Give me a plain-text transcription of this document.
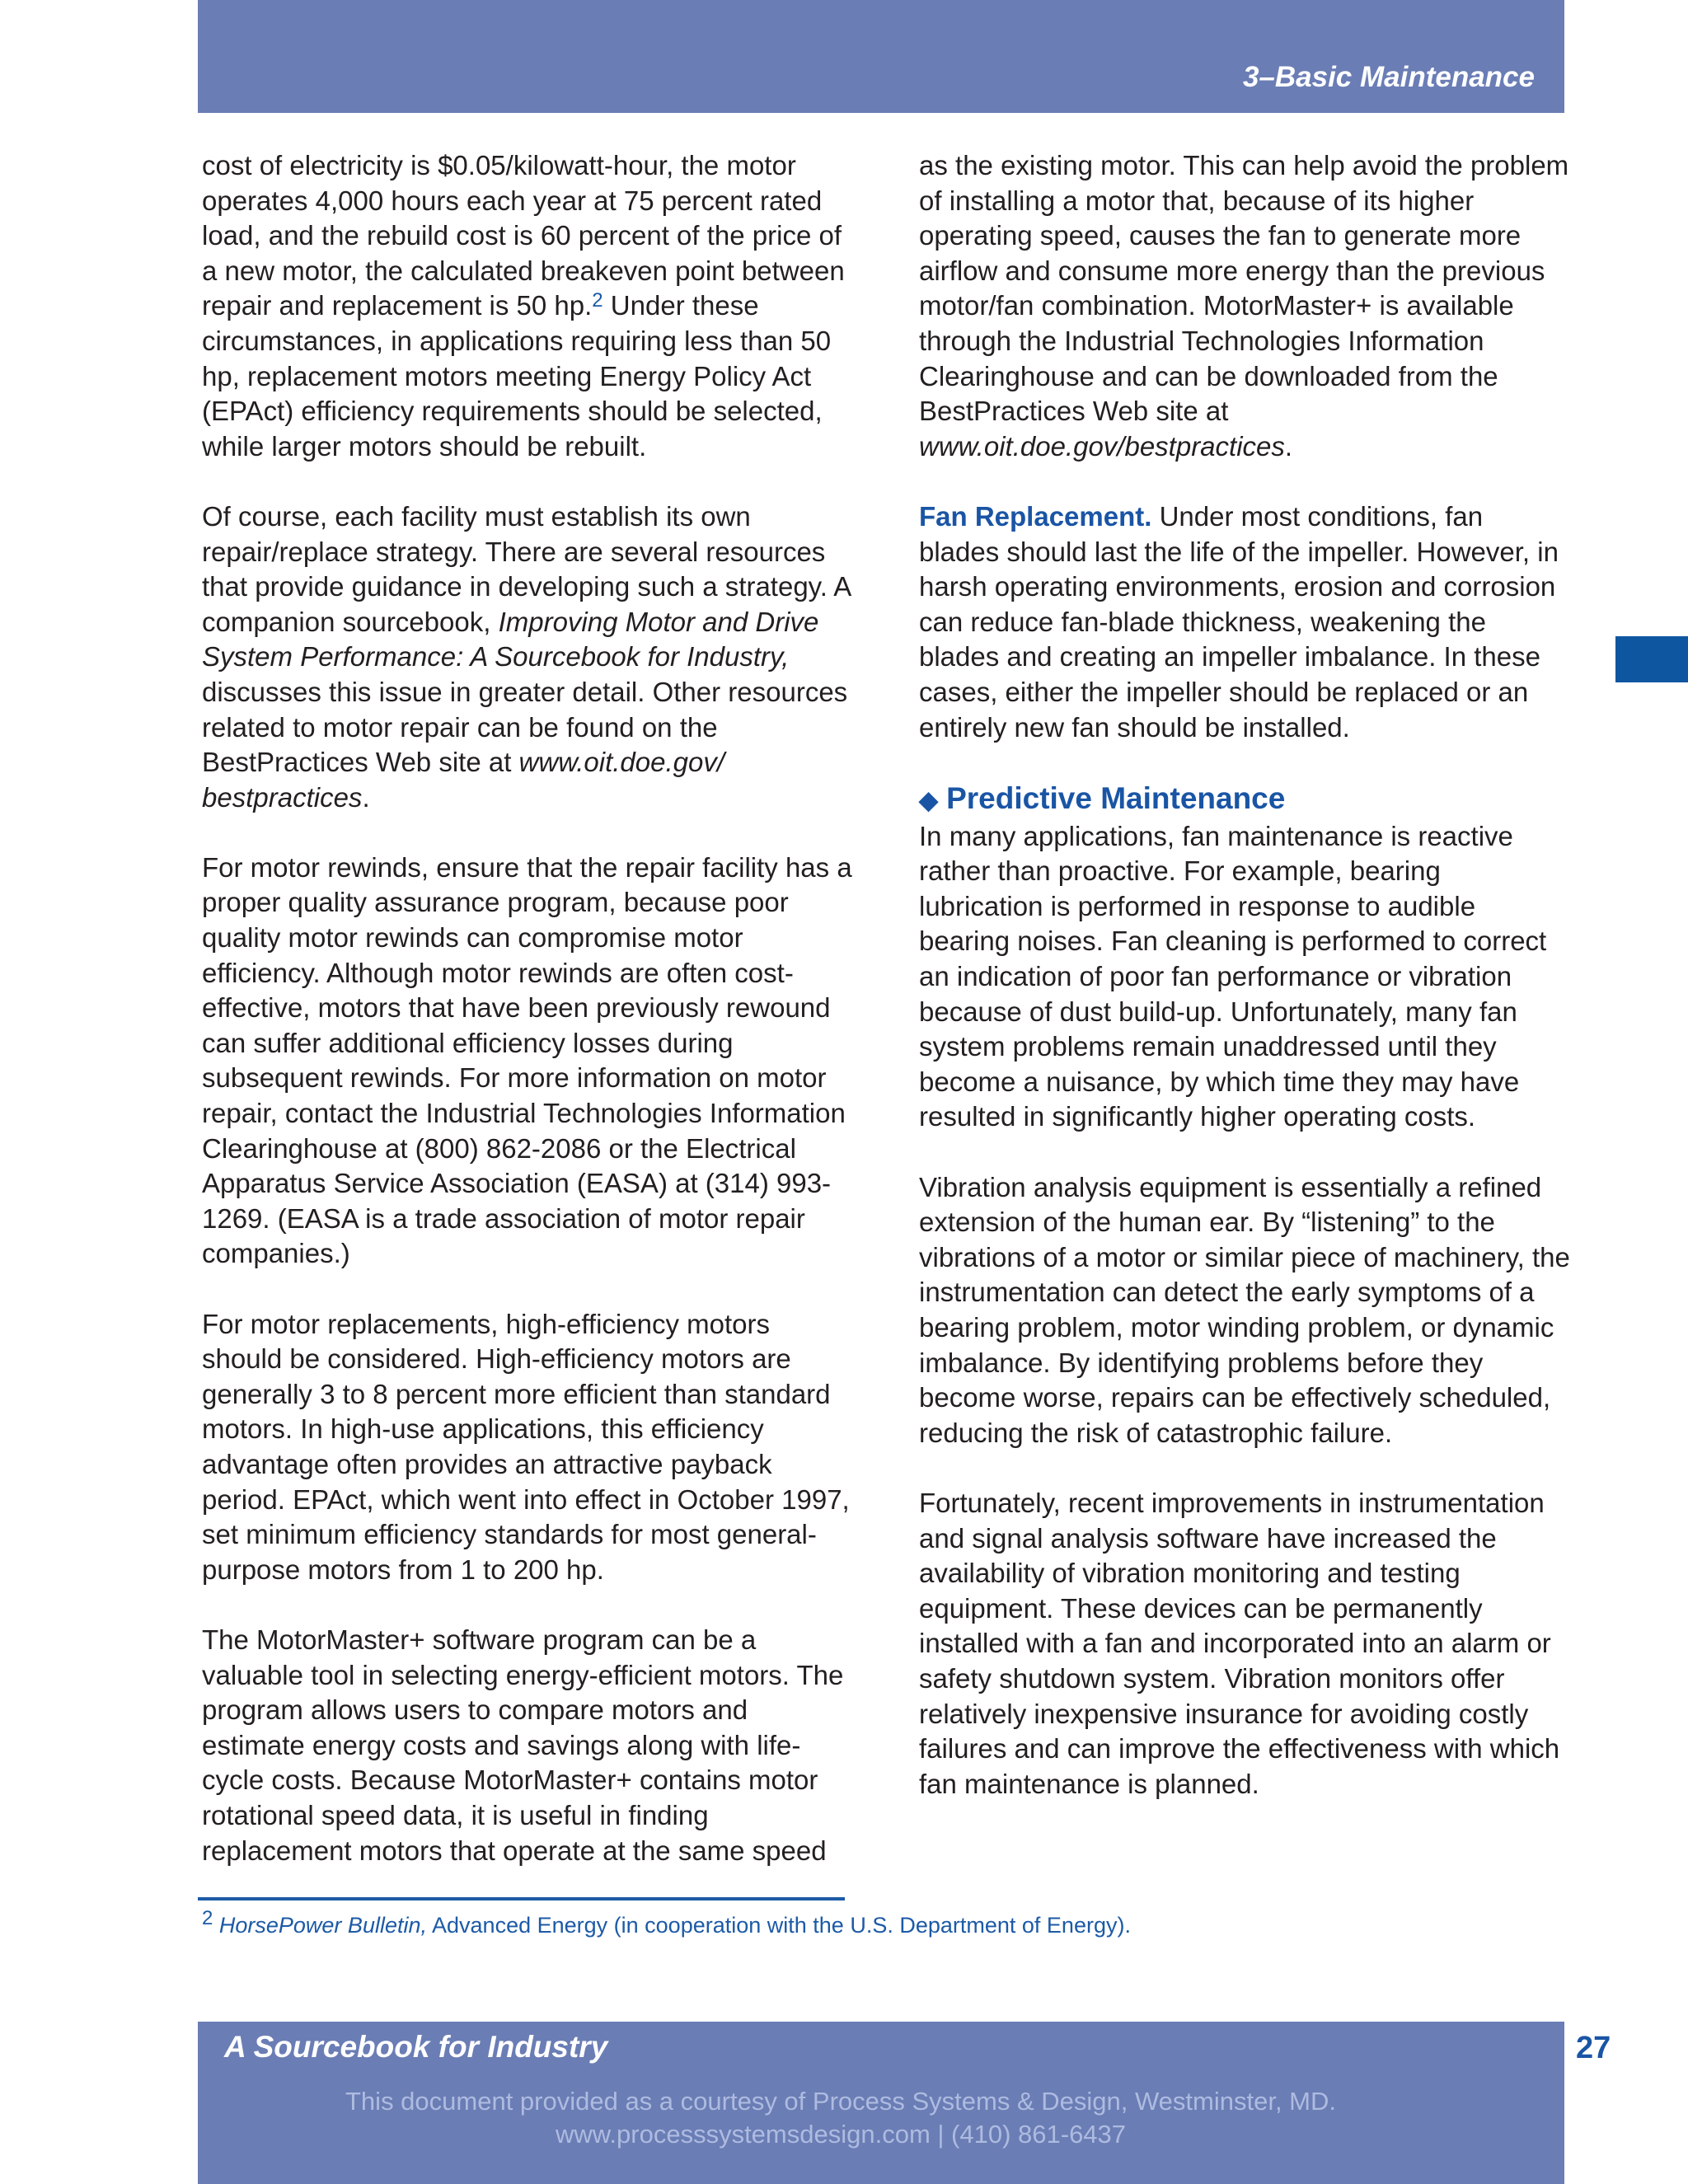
3–Basic Maintenance

cost of electricity is $0.05/kilowatt-hour, the motor operates 4,000 hours each year at 75 percent rated load, and the rebuild cost is 60 percent of the price of a new motor, the calculated breakeven point between repair and replacement is 50 hp.$^2$ Under these circumstances, in applications requiring less than 50 hp, replacement motors meeting Energy Policy Act (EPAct) efficiency requirements should be selected, while larger motors should be rebuilt.

Of course, each facility must establish its own repair/replace strategy. There are several resources that provide guidance in developing such a strategy. A companion sourcebook, Improving Motor and Drive System Performance: A Sourcebook for Industry, discusses this issue in greater detail. Other resources related to motor repair can be found on the BestPractices Web site at www.oit.doe.gov/ bestpractices.

For motor rewinds, ensure that the repair facility has a proper quality assurance program, because poor quality motor rewinds can compromise motor efficiency. Although motor rewinds are often cost-effective, motors that have been previously rewound can suffer additional efficiency losses during subsequent rewinds. For more information on motor repair, contact the Industrial Technologies Information Clearinghouse at (800) 862-2086 or the Electrical Apparatus Service Association (EASA) at (314) 993-1269. (EASA is a trade association of motor repair companies.)

For motor replacements, high-efficiency motors should be considered. High-efficiency motors are generally 3 to 8 percent more efficient than standard motors. In high-use applications, this efficiency advantage often provides an attractive payback period. EPAct, which went into effect in October 1997, set minimum efficiency standards for most general-purpose motors from 1 to 200 hp.

The MotorMaster+ software program can be a valuable tool in selecting energy-efficient motors. The program allows users to compare motors and estimate energy costs and savings along with life-cycle costs. Because MotorMaster+ contains motor rotational speed data, it is useful in finding replacement motors that operate at the same speed

as the existing motor. This can help avoid the problem of installing a motor that, because of its higher operating speed, causes the fan to generate more airflow and consume more energy than the previous motor/fan combination. MotorMaster+ is available through the Industrial Technologies Information Clearinghouse and can be downloaded from the BestPractices Web site at www.oit.doe.gov/bestpractices.

Fan Replacement. Under most conditions, fan blades should last the life of the impeller. However, in harsh operating environments, erosion and corrosion can reduce fan-blade thickness, weakening the blades and creating an impeller imbalance. In these cases, either the impeller should be replaced or an entirely new fan should be installed.

◆ Predictive Maintenance

In many applications, fan maintenance is reactive rather than proactive. For example, bearing lubrication is performed in response to audible bearing noises. Fan cleaning is performed to correct an indication of poor fan performance or vibration because of dust build-up. Unfortunately, many fan system problems remain unaddressed until they become a nuisance, by which time they may have resulted in significantly higher operating costs.

Vibration analysis equipment is essentially a refined extension of the human ear. By “listening” to the vibrations of a motor or similar piece of machinery, the instrumentation can detect the early symptoms of a bearing problem, motor winding problem, or dynamic imbalance. By identifying problems before they become worse, repairs can be effectively scheduled, reducing the risk of catastrophic failure.

Fortunately, recent improvements in instrumentation and signal analysis software have increased the availability of vibration monitoring and testing equipment. These devices can be permanently installed with a fan and incorporated into an alarm or safety shutdown system. Vibration monitors offer relatively inexpensive insurance for avoiding costly failures and can improve the effectiveness with which fan maintenance is planned.

$^2$ HorsePower Bulletin, Advanced Energy (in cooperation with the U.S. Department of Energy).

A Sourcebook for Industry

This document provided as a courtesy of Process Systems & Design, Westminster, MD.

www.processsystemsdesign.com | (410) 861-6437

27
